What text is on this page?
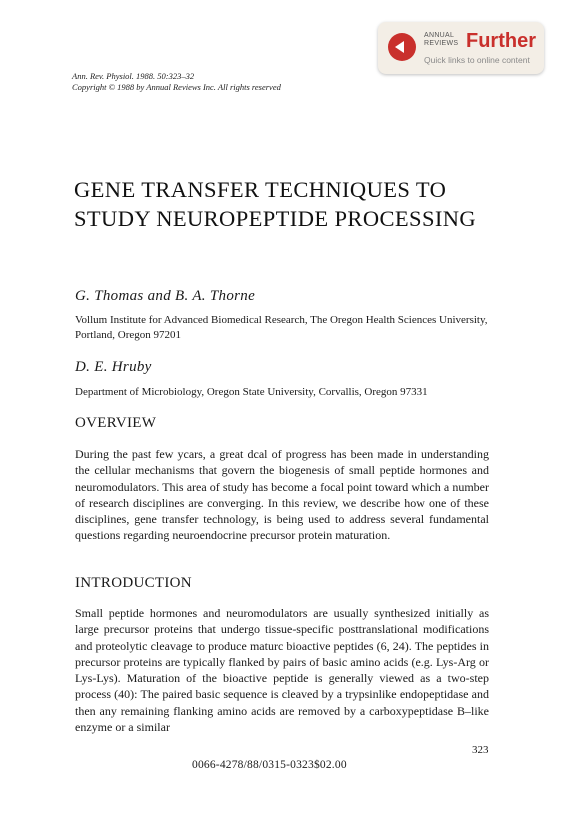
ANNUAL
REVIEWS Further
Quick links to online content
Ann. Rev. Physiol. 1988. 50:323–32
Copyright © 1988 by Annual Reviews Inc. All rights reserved
GENE TRANSFER TECHNIQUES TO STUDY NEUROPEPTIDE PROCESSING
G. Thomas and B. A. Thorne
Vollum Institute for Advanced Biomedical Research, The Oregon Health Sciences University, Portland, Oregon 97201
D. E. Hruby
Department of Microbiology, Oregon State University, Corvallis, Oregon 97331
OVERVIEW
During the past few ycars, a great dcal of progress has been made in understanding the cellular mechanisms that govern the biogenesis of small peptide hormones and neuromodulators. This area of study has become a focal point toward which a number of research disciplines are converging. In this review, we describe how one of these disciplines, gene transfer technology, is being used to address several fundamental questions regarding neuroendocrine precursor protein maturation.
INTRODUCTION
Small peptide hormones and neuromodulators are usually synthesized initially as large precursor proteins that undergo tissue-specific posttranslational modifications and proteolytic cleavage to produce maturc bioactive peptides (6, 24). The peptides in precursor proteins are typically flanked by pairs of basic amino acids (e.g. Lys-Arg or Lys-Lys). Maturation of the bioactive peptide is generally viewed as a two-step process (40): The paired basic sequence is cleaved by a trypsinlike endopeptidase and then any remaining flanking amino acids are removed by a carboxypeptidase B–like enzyme or a similar
323
0066-4278/88/0315-0323$02.00
